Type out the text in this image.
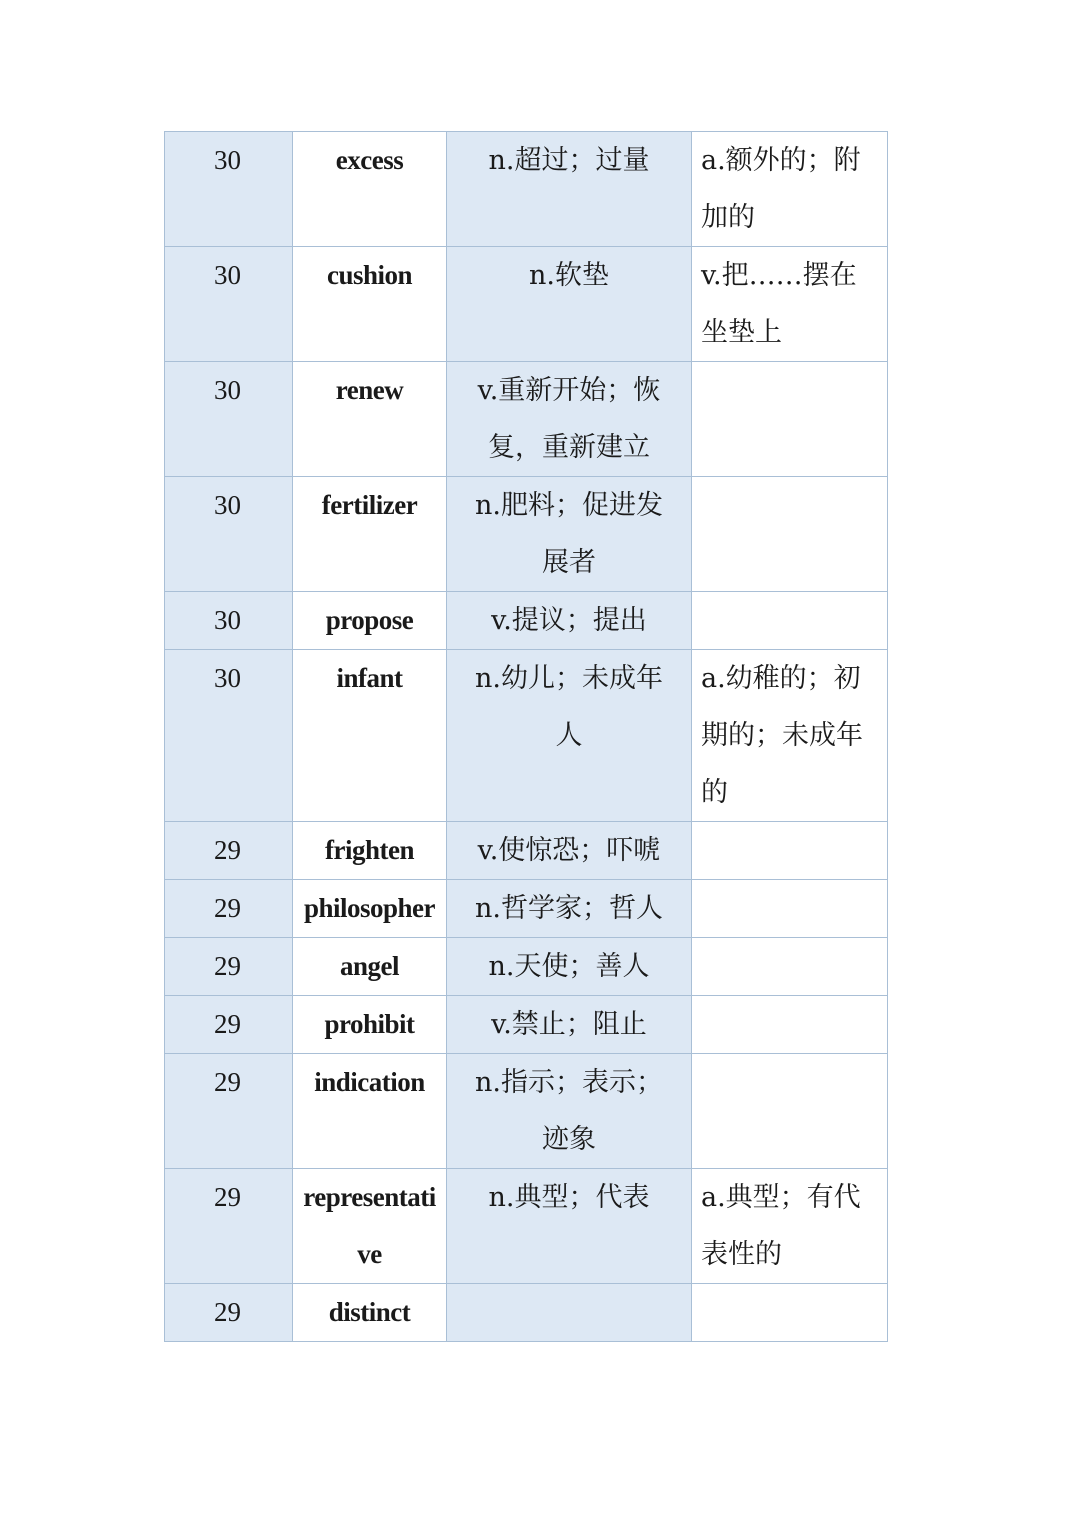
30	excess	n.超过；过量	a.额外的；附加的
30	cushion	n.软垫	v.把……摆在坐垫上
30	renew	v.重新开始；恢复，重新建立	
30	fertilizer	n.肥料；促进发展者	
30	propose	v.提议；提出	
30	infant	n.幼儿；未成年人	a.幼稚的；初期的；未成年的
29	frighten	v.使惊恐；吓唬	
29	philosopher	n.哲学家；哲人	
29	angel	n.天使；善人	
29	prohibit	v.禁止；阻止	
29	indication	n.指示；表示；迹象	
29	representative	n.典型；代表	a.典型；有代表性的
29	distinct		
